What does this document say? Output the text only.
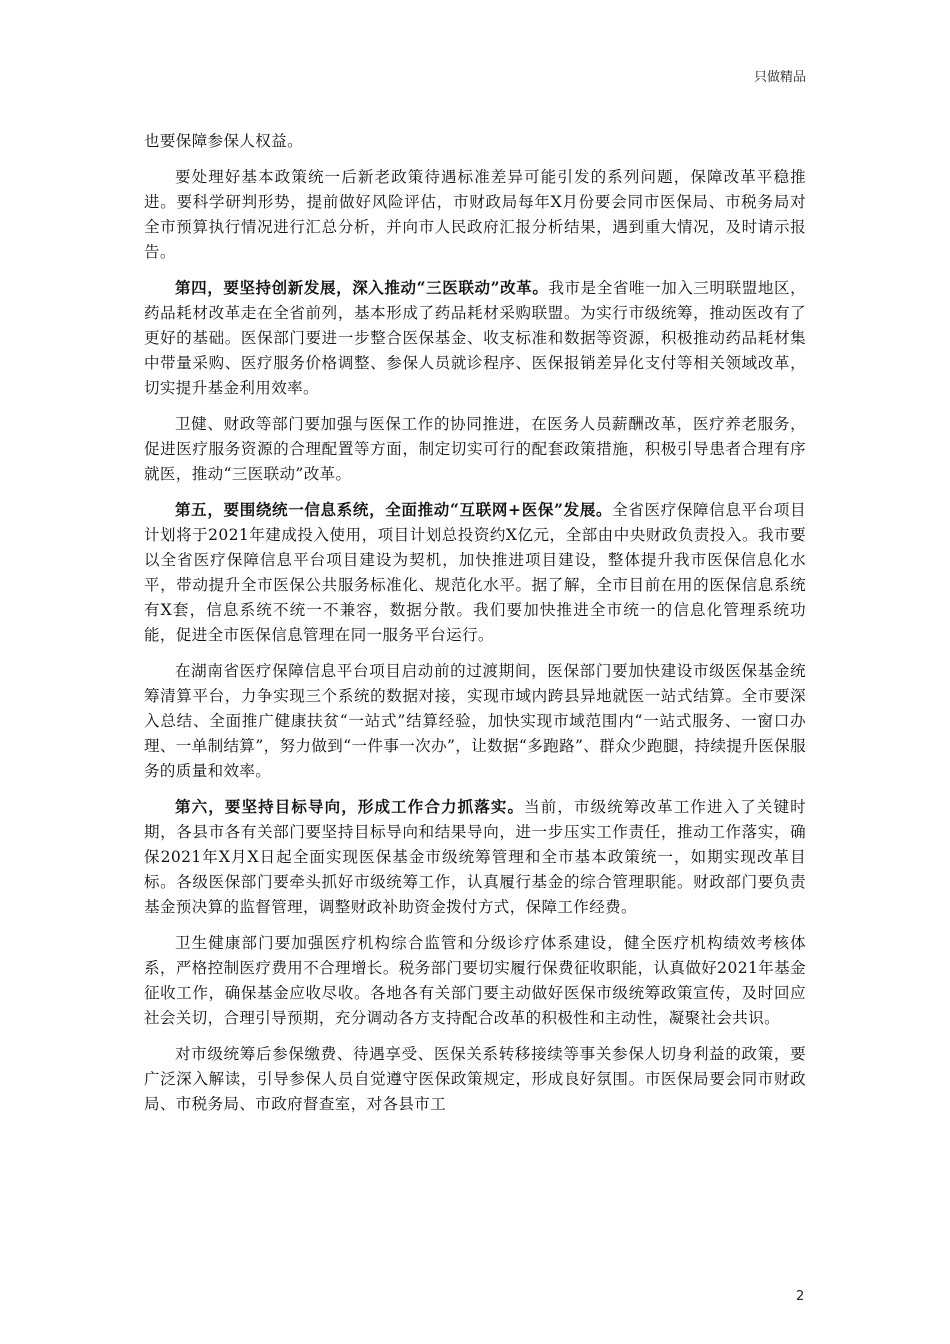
只做精品

也要保障参保人权益。

要处理好基本政策统一后新老政策待遇标准差异可能引发的系列问题，保障改革平稳推进。要科学研判形势，提前做好风险评估，市财政局每年X月份要会同市医保局、市税务局对全市预算执行情况进行汇总分析，并向市人民政府汇报分析结果，遇到重大情况，及时请示报告。

第四，要坚持创新发展，深入推动“三医联动”改革。我市是全省唯一加入三明联盟地区，药品耗材改革走在全省前列，基本形成了药品耗材采购联盟。为实行市级统筹，推动医改有了更好的基础。医保部门要进一步整合医保基金、收支标准和数据等资源，积极推动药品耗材集中带量采购、医疗服务价格调整、参保人员就诊程序、医保报销差异化支付等相关领域改革，切实提升基金利用效率。

卫健、财政等部门要加强与医保工作的协同推进，在医务人员薪酬改革，医疗养老服务，促进医疗服务资源的合理配置等方面，制定切实可行的配套政策措施，积极引导患者合理有序就医，推动“三医联动”改革。

第五，要围绕统一信息系统，全面推动“互联网+医保”发展。全省医疗保障信息平台项目计划将于2021年建成投入使用，项目计划总投资约X亿元，全部由中央财政负责投入。我市要以全省医疗保障信息平台项目建设为契机，加快推进项目建设，整体提升我市医保信息化水平，带动提升全市医保公共服务标准化、规范化水平。据了解，全市目前在用的医保信息系统有X套，信息系统不统一不兼容，数据分散。我们要加快推进全市统一的信息化管理系统功能，促进全市医保信息管理在同一服务平台运行。

在湖南省医疗保障信息平台项目启动前的过渡期间，医保部门要加快建设市级医保基金统筹清算平台，力争实现三个系统的数据对接，实现市域内跨县异地就医一站式结算。全市要深入总结、全面推广健康扶贫“一站式”结算经验，加快实现市域范围内“一站式服务、一窗口办理、一单制结算”，努力做到“一件事一次办”，让数据“多跑路”、群众少跑腿，持续提升医保服务的质量和效率。

第六，要坚持目标导向，形成工作合力抓落实。当前，市级统筹改革工作进入了关键时期，各县市各有关部门要坚持目标导向和结果导向，进一步压实工作责任，推动工作落实，确保2021年X月X日起全面实现医保基金市级统筹管理和全市基本政策统一，如期实现改革目标。各级医保部门要牵头抓好市级统筹工作，认真履行基金的综合管理职能。财政部门要负责基金预决算的监督管理，调整财政补助资金拨付方式，保障工作经费。

卫生健康部门要加强医疗机构综合监管和分级诊疗体系建设，健全医疗机构绩效考核体系，严格控制医疗费用不合理增长。税务部门要切实履行保费征收职能，认真做好2021年基金征收工作，确保基金应收尽收。各地各有关部门要主动做好医保市级统筹政策宣传，及时回应社会关切，合理引导预期，充分调动各方支持配合改革的积极性和主动性，凝聚社会共识。

对市级统筹后参保缴费、待遇享受、医保关系转移接续等事关参保人切身利益的政策，要广泛深入解读，引导参保人员自觉遵守医保政策规定，形成良好氛围。市医保局要会同市财政局、市税务局、市政府督查室，对各县市工

2
